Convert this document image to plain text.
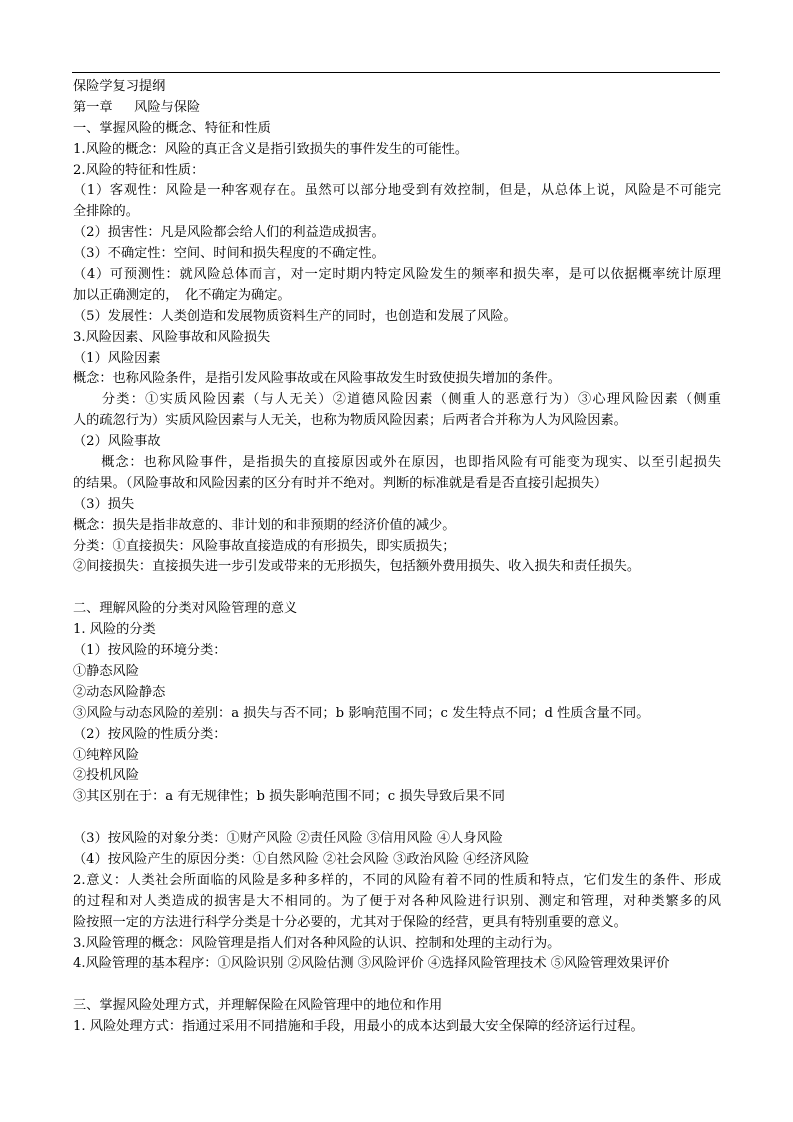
保险学复习提纲
第一章　  风险与保险
一、掌握风险的概念、特征和性质
1.风险的概念：风险的真正含义是指引致损失的事件发生的可能性。
2.风险的特征和性质：
（1）客观性：风险是一种客观存在。虽然可以部分地受到有效控制，但是，从总体上说，风险是不可能完
全排除的。
（2）损害性：凡是风险都会给人们的利益造成损害。
（3）不确定性：空间、时间和损失程度的不确定性。
（4）可预测性：就风险总体而言，对一定时期内特定风险发生的频率和损失率，是可以依据概率统计原理
加以正确测定的，　化不确定为确定。
（5）发展性：人类创造和发展物质资料生产的同时，也创造和发展了风险。
3.风险因素、风险事故和风险损失
（1）风险因素
概念：也称风险条件，是指引发风险事故或在风险事故发生时致使损失增加的条件。
　　分类：①实质风险因素（与人无关）②道德风险因素（侧重人的恶意行为）③心理风险因素（侧重
人的疏忽行为）实质风险因素与人无关，也称为物质风险因素；后两者合并称为人为风险因素。
（2）风险事故
　　概念：也称风险事件，是指损失的直接原因或外在原因，也即指风险有可能变为现实、以至引起损失
的结果。（风险事故和风险因素的区分有时并不绝对。判断的标准就是看是否直接引起损失）
（3）损失
概念：损失是指非故意的、非计划的和非预期的经济价值的减少。
分类：①直接损失：风险事故直接造成的有形损失，即实质损失；
②间接损失：直接损失进一步引发或带来的无形损失，包括额外费用损失、收入损失和责任损失。
二、理解风险的分类对风险管理的意义
1. 风险的分类
（1）按风险的环境分类：
①静态风险
②动态风险静态
③风险与动态风险的差别：a 损失与否不同；b 影响范围不同；c 发生特点不同；d 性质含量不同。
（2）按风险的性质分类：
①纯粹风险
②投机风险
③其区别在于：a 有无规律性；b 损失影响范围不同；c 损失导致后果不同
（3）按风险的对象分类：①财产风险 ②责任风险 ③信用风险 ④人身风险
（4）按风险产生的原因分类：①自然风险 ②社会风险 ③政治风险 ④经济风险
2.意义：人类社会所面临的风险是多种多样的，不同的风险有着不同的性质和特点，它们发生的条件、形成
的过程和对人类造成的损害是大不相同的。为了便于对各种风险进行识别、测定和管理，对种类繁多的风
险按照一定的方法进行科学分类是十分必要的，尤其对于保险的经营，更具有特别重要的意义。
3.风险管理的概念：风险管理是指人们对各种风险的认识、控制和处理的主动行为。
4.风险管理的基本程序：①风险识别 ②风险估测 ③风险评价 ④选择风险管理技术 ⑤风险管理效果评价
三、掌握风险处理方式，并理解保险在风险管理中的地位和作用
1. 风险处理方式：指通过采用不同措施和手段，用最小的成本达到最大安全保障的经济运行过程。
